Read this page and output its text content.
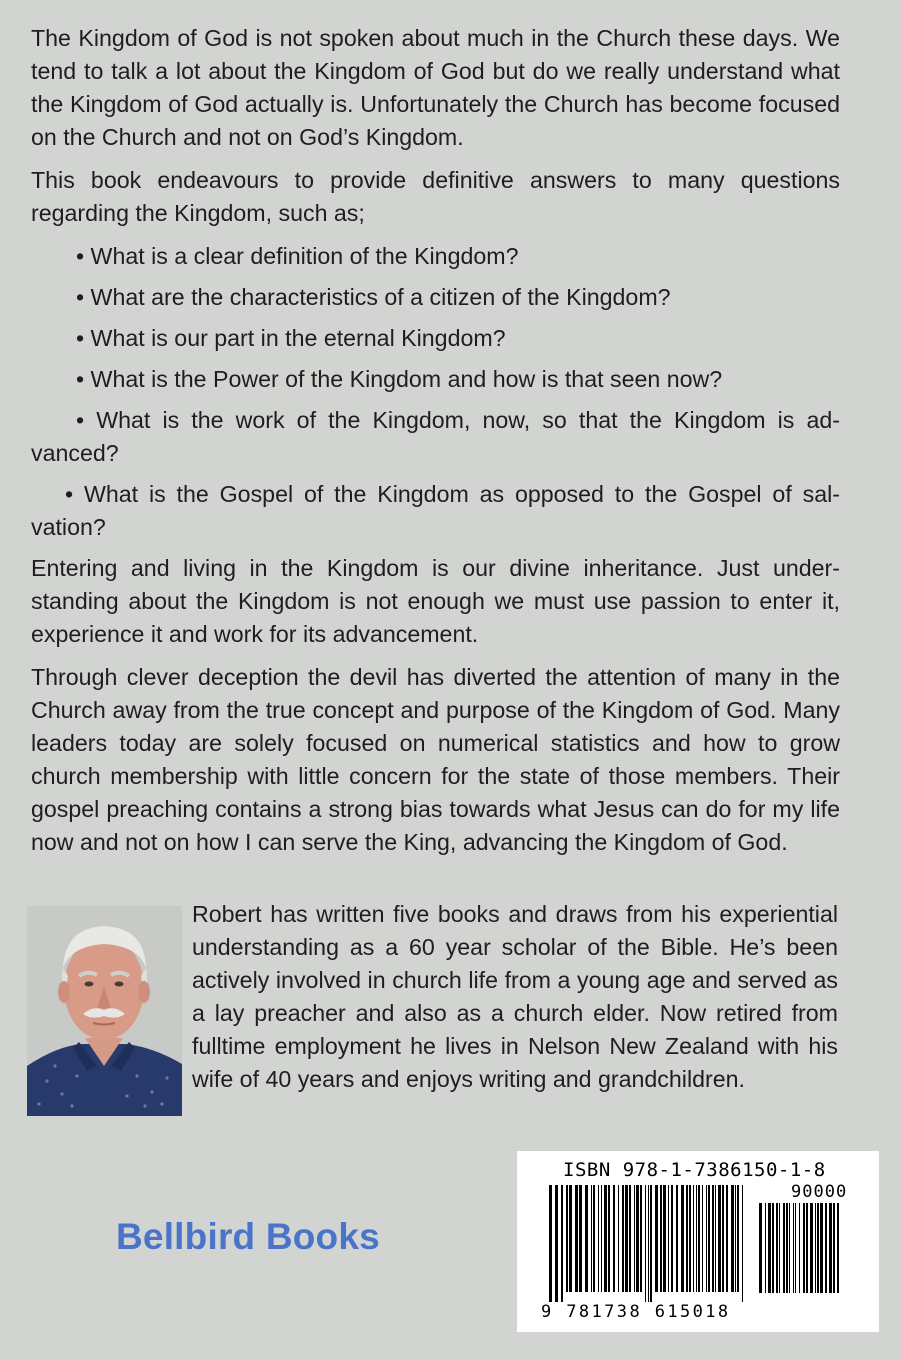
The Kingdom of God is not spoken about much in the Church these days. We tend to talk a lot about the Kingdom of God but do we really understand what the Kingdom of God actually is. Unfortunately the Church has become focused on the Church and not on God’s Kingdom.

This book endeavours to provide definitive answers to many questions regarding the Kingdom, such as;

• What is a clear definition of the Kingdom?

• What are the characteristics of a citizen of the Kingdom?

• What is our part in the eternal Kingdom?

• What is the Power of the Kingdom and how is that seen now?

• What is the work of the Kingdom, now, so that the Kingdom is advanced?

• What is the Gospel of the Kingdom as opposed to the Gospel of salvation?

Entering and living in the Kingdom is our divine inheritance. Just understanding about the Kingdom is not enough we must use passion to enter it, experience it and work for its advancement.

Through clever deception the devil has diverted the attention of many in the Church away from the true concept and purpose of the Kingdom of God. Many leaders today are solely focused on numerical statistics and how to grow church membership with little concern for the state of those members. Their gospel preaching contains a strong bias towards what Jesus can do for my life now and not on how I can serve the King, advancing the Kingdom of God.

Robert has written five books and draws from his experiential understanding as a 60 year scholar of the Bible. He’s been actively involved in church life from a young age and served as a lay preacher and also as a church elder. Now retired from fulltime employment he lives in Nelson New Zealand with his wife of 40 years and enjoys writing and grandchildren.

Bellbird Books
ISBN 978-1-7386150-1-8
90000
9 781738 615018
